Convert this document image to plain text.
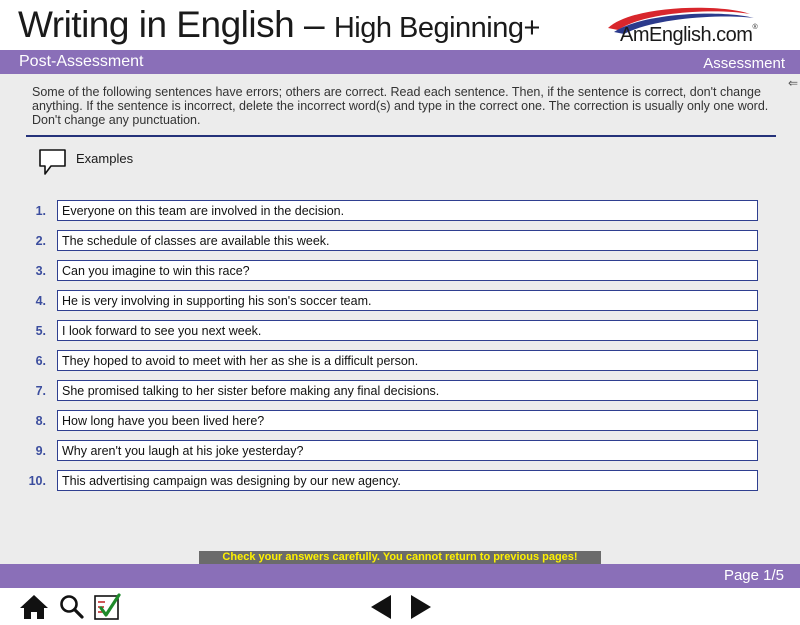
Writing in English – High Beginning+	AmEnglish.com®
Post-Assessment	Assessment
⇐

Some of the following sentences have errors; others are correct. Read each sentence. Then, if the sentence is correct, don't change anything. If the sentence is incorrect, delete the incorrect word(s) and type in the correct one. The correction is usually only one word. Don't change any punctuation.

Examples
1.
Everyone on this team are involved in the decision.
2.
The schedule of classes are available this week.
3.
Can you imagine to win this race?
4.
He is very involving in supporting his son's soccer team.
5.
I look forward to see you next week.
6.
They hoped to avoid to meet with her as she is a difficult person.
7.
She promised talking to her sister before making any final decisions.
8.
How long have you been lived here?
9.
Why aren't you laugh at his joke yesterday?
10.
This advertising campaign was designing by our new agency.
Check your answers carefully. You cannot return to previous pages!
Page 1/5
